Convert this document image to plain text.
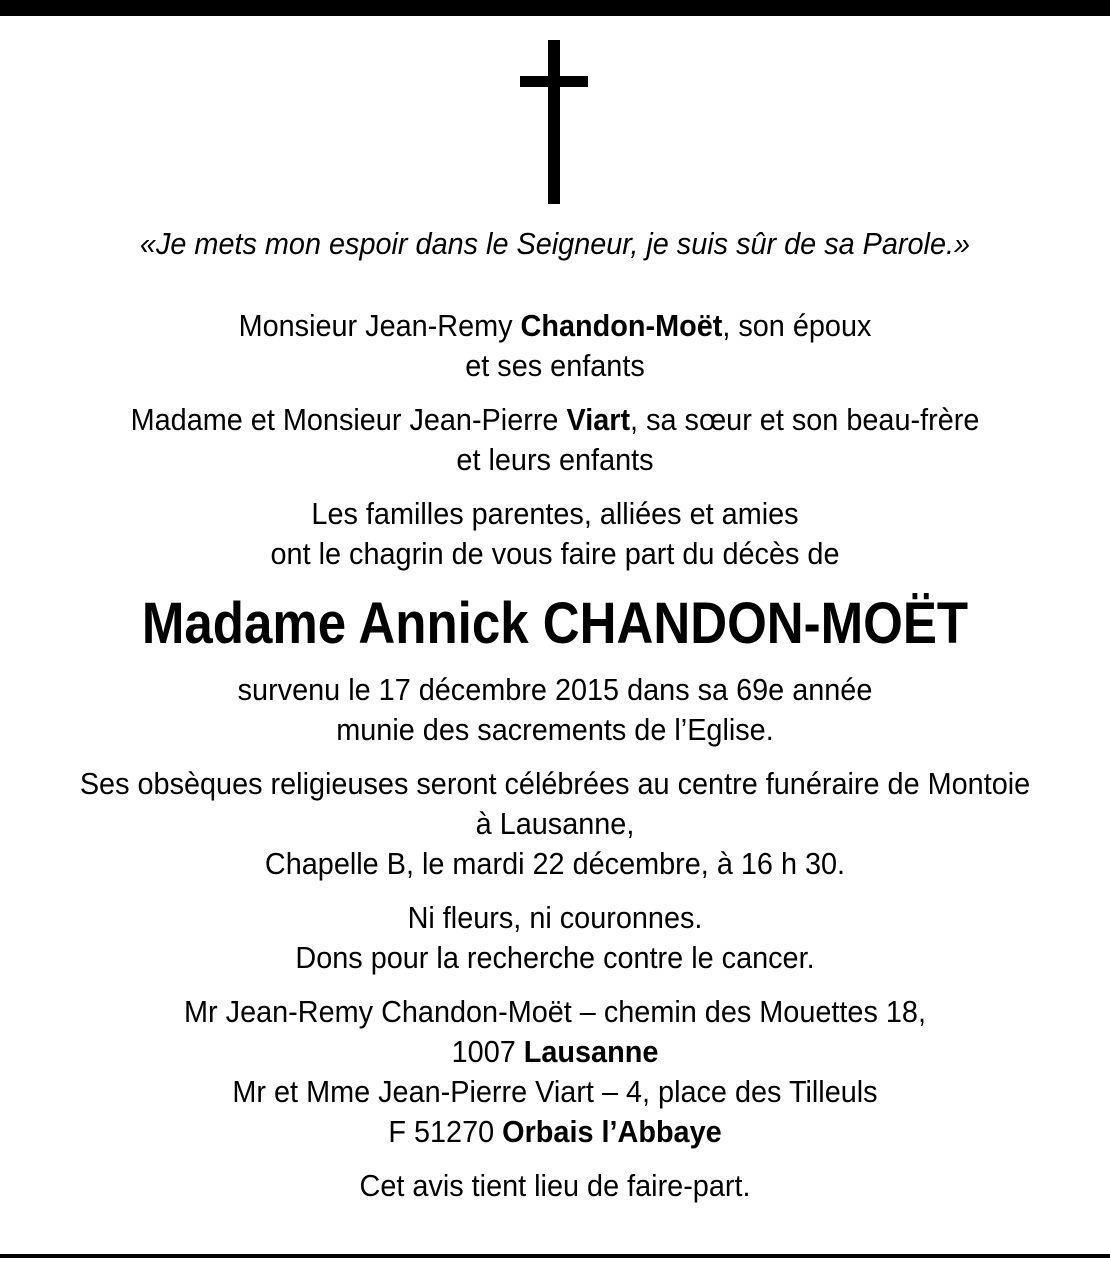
«Je mets mon espoir dans le Seigneur, je suis sûr de sa Parole.»
Monsieur Jean-Remy Chandon-Moët, son époux
et ses enfants
Madame et Monsieur Jean-Pierre Viart, sa sœur et son beau-frère
et leurs enfants
Les familles parentes, alliées et amies
ont le chagrin de vous faire part du décès de
Madame Annick CHANDON-MOËT
survenu le 17 décembre 2015 dans sa 69e année
munie des sacrements de l’Eglise.
Ses obsèques religieuses seront célébrées au centre funéraire de Montoie
à Lausanne,
Chapelle B, le mardi 22 décembre, à 16 h 30.
Ni fleurs, ni couronnes.
Dons pour la recherche contre le cancer.
Mr Jean-Remy Chandon-Moët – chemin des Mouettes 18,
1007 Lausanne
Mr et Mme Jean-Pierre Viart – 4, place des Tilleuls
F 51270 Orbais l’Abbaye
Cet avis tient lieu de faire-part.
